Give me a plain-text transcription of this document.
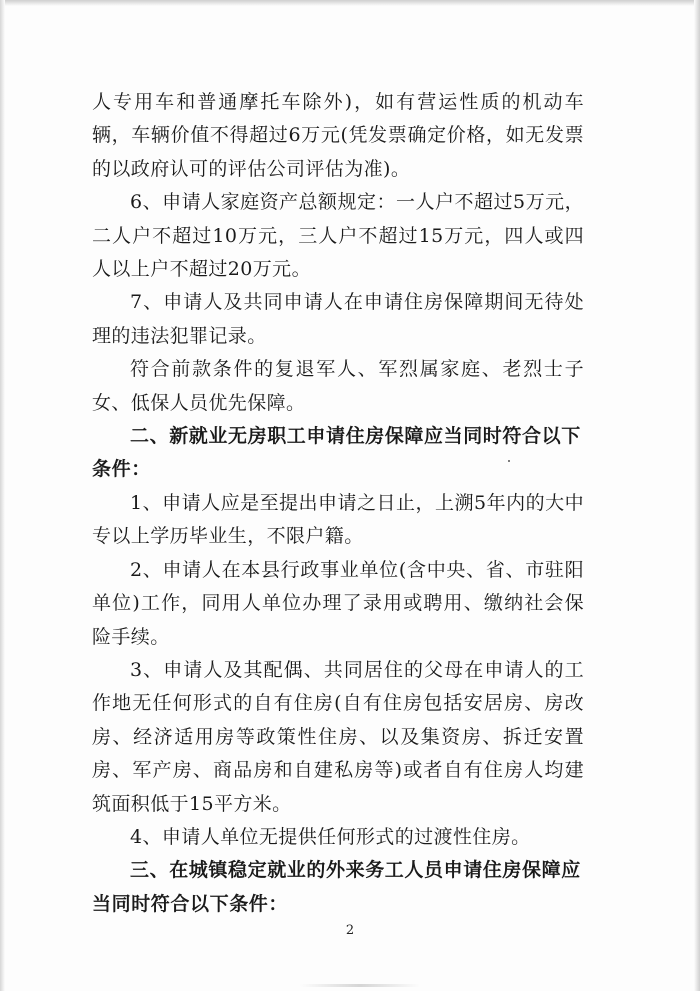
人专用车和普通摩托车除外)，如有营运性质的机动车辆，车辆价值不得超过6万元(凭发票确定价格，如无发票的以政府认可的评估公司评估为准)。

6、申请人家庭资产总额规定：一人户不超过5万元，二人户不超过10万元，三人户不超过15万元，四人或四人以上户不超过20万元。

7、申请人及共同申请人在申请住房保障期间无待处理的违法犯罪记录。

符合前款条件的复退军人、军烈属家庭、老烈士子女、低保人员优先保障。

二、新就业无房职工申请住房保障应当同时符合以下条件：

1、申请人应是至提出申请之日止，上溯5年内的大中专以上学历毕业生，不限户籍。

2、申请人在本县行政事业单位(含中央、省、市驻阳单位)工作，同用人单位办理了录用或聘用、缴纳社会保险手续。

3、申请人及其配偶、共同居住的父母在申请人的工作地无任何形式的自有住房(自有住房包括安居房、房改房、经济适用房等政策性住房、以及集资房、拆迁安置房、军产房、商品房和自建私房等)或者自有住房人均建筑面积低于15平方米。

4、申请人单位无提供任何形式的过渡性住房。

三、在城镇稳定就业的外来务工人员申请住房保障应当同时符合以下条件：

2
